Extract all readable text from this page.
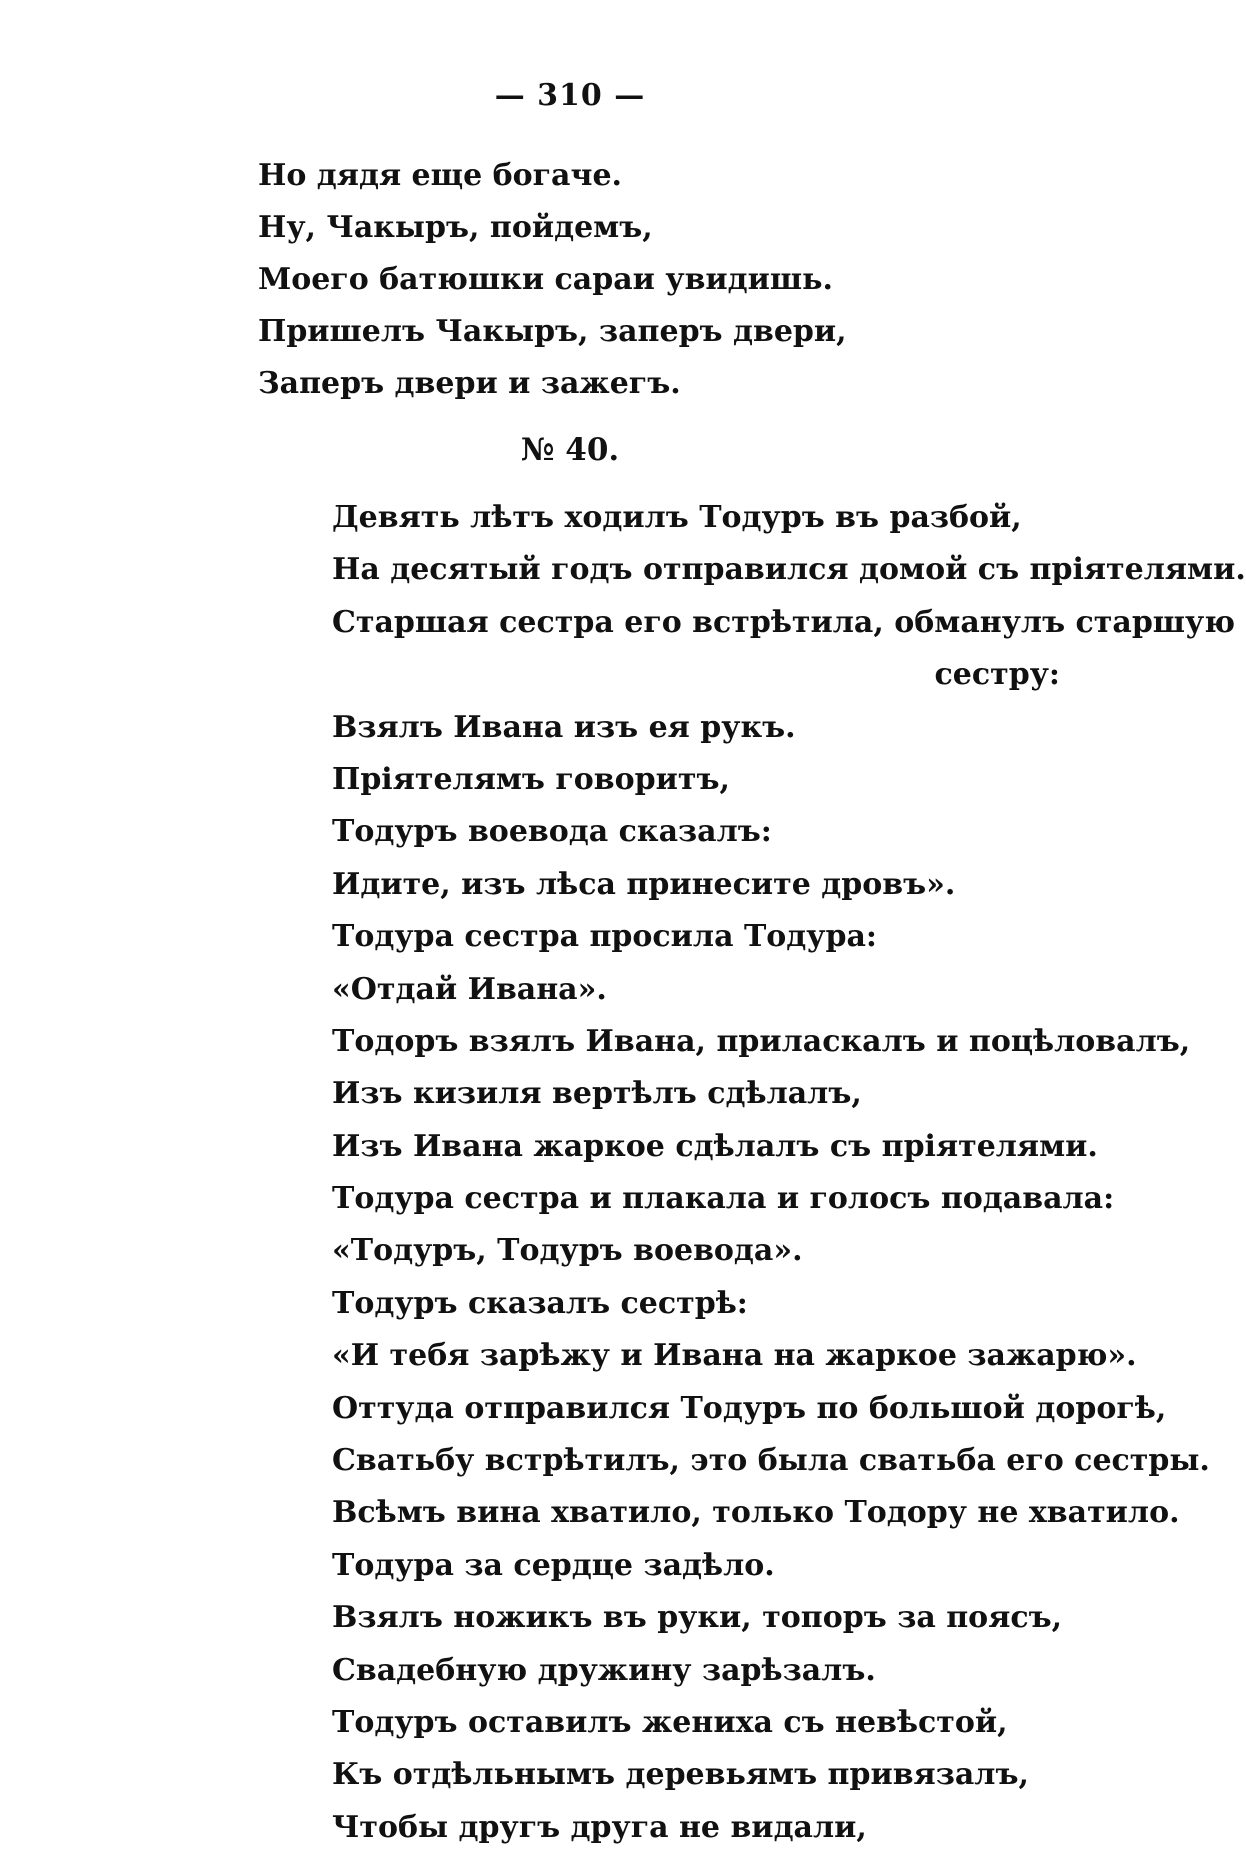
— 310 —
Но дядя еще богаче.
Ну, Чакыръ, пойдемъ,
Моего батюшки сараи увидишь.
Пришелъ Чакыръ, заперъ двери,
Заперъ двери и зажегъ.
№ 40.
Девять лѣтъ ходилъ Тодуръ въ разбой,
На десятый годъ отправился домой съ пріятелями.
Старшая сестра его встрѣтила, обманулъ старшую
сестру:
Взялъ Ивана изъ ея рукъ.
Пріятелямъ говоритъ,
Тодуръ воевода сказалъ:
Идите, изъ лѣса принесите дровъ».
Тодура сестра просила Тодура:
«Отдай Ивана».
Тодоръ взялъ Ивана, приласкалъ и поцѣловалъ,
Изъ кизиля вертѣлъ сдѣлалъ,
Изъ Ивана жаркое сдѣлалъ съ пріятелями.
Тодура сестра и плакала и голосъ подавала:
«Тодуръ, Тодуръ воевода».
Тодуръ сказалъ сестрѣ:
«И тебя зарѣжу и Ивана на жаркое зажарю».
Оттуда отправился Тодуръ по большой дорогѣ,
Сватьбу встрѣтилъ, это была сватьба его сестры.
Всѣмъ вина хватило, только Тодору не хватило.
Тодура за сердце задѣло.
Взялъ ножикъ въ руки, топоръ за поясъ,
Свадебную дружину зарѣзалъ.
Тодуръ оставилъ жениха съ невѣстой,
Къ отдѣльнымъ деревьямъ привязалъ,
Чтобы другъ друга не видали,
